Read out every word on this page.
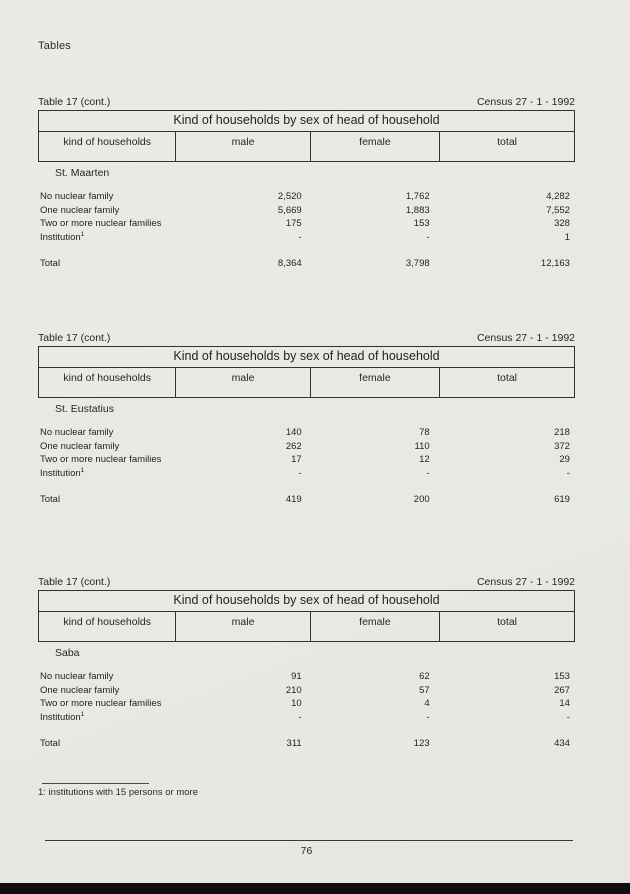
Tables
Table 17 (cont.)	Census 27 - 1 - 1992
Kind of households by sex of head of household
kind of households	male	female	total
St. Maarten
No nuclear family	2,520	1,762	4,282
One nuclear family	5,669	1,883	7,552
Two or more nuclear families	175	153	328
Institution$^1$	-	-	1
Total	8,364	3,798	12,163
Table 17 (cont.)	Census 27 - 1 - 1992
Kind of households by sex of head of household
kind of households	male	female	total
St. Eustatius
No nuclear family	140	78	218
One nuclear family	262	110	372
Two or more nuclear families	17	12	29
Institution$^1$	-	-	-
Total	419	200	619
Table 17 (cont.)	Census 27 - 1 - 1992
Kind of households by sex of head of household
kind of households	male	female	total
Saba
No nuclear family	91	62	153
One nuclear family	210	57	267
Two or more nuclear families	10	4	14
Institution$^1$	-	-	-
Total	311	123	434
1: institutions with 15 persons or more
76
